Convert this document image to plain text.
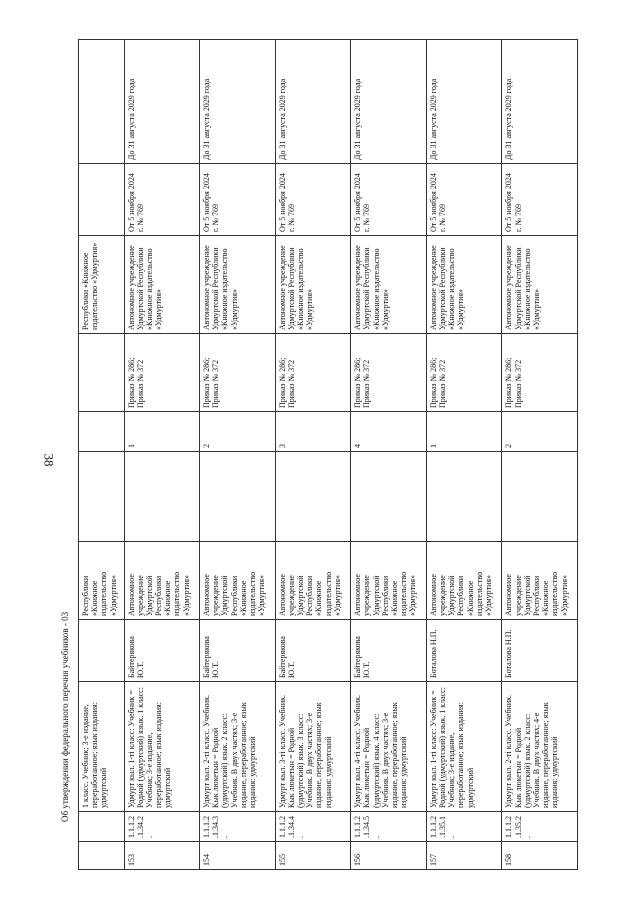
38
Об утверждении федерального перечня учебников - 03
		1 класс. Учебник; 3-е издание, переработанное; язык издания: удмуртский		Республики «Книжное издательство «Удмуртия»				Республики «Книжное издательство «Удмуртия»		
153	1.1.1.2.1.34.2.	Удмурт кыл. 1-ті класс: Учебник = Родной (удмуртский) язык. 1 класс: Учебник; 3-е издание, переработанное; язык издания: удмуртский	Байтерякова Ю.Т.	Автономное учреждение Удмуртской Республики «Книжное издательство «Удмуртия»		1	Приказ № 286; Приказ № 372	Автономное учреждение Удмуртской Республики «Книжное издательство «Удмуртия»	От 5 ноября 2024 г. № 769	До 31 августа 2029 года
154	1.1.1.2.1.34.3.	Удмурт кыл. 2-ті класс. Учебник. Кык люкетын = Родной (удмуртский) язык. 2 класс: Учебник. В двух частях; 3-е издание, переработанное; язык издания: удмуртский	Байтерякова Ю.Т.	Автономное учреждение Удмуртской Республики «Книжное издательство «Удмуртия»		2	Приказ № 286; Приказ № 372	Автономное учреждение Удмуртской Республики «Книжное издательство «Удмуртия»	От 5 ноября 2024 г. № 769	До 31 августа 2029 года
155	1.1.1.2.1.34.4.	Удмурт кыл. 3-ті класс. Учебник. Кык люкетын = Родной (удмуртский) язык. 3 класс: Учебник. В двух частях; 3-е издание, переработанное; язык издания: удмуртский	Байтерякова Ю.Т.	Автономное учреждение Удмуртской Республики «Книжное издательство «Удмуртия»		3	Приказ № 286; Приказ № 372	Автономное учреждение Удмуртской Республики «Книжное издательство «Удмуртия»	От 5 ноября 2024 г. № 769	До 31 августа 2029 года
156	1.1.1.2.1.34.5.	Удмурт кыл. 4-ті класс. Учебник. Кык люкетын = Родной (удмуртский) язык. 4 класс: Учебник. В двух частях; 3-е издание, переработанное; язык издания: удмуртский	Байтерякова Ю.Т.	Автономное учреждение Удмуртской Республики «Книжное издательство «Удмуртия»		4	Приказ № 286; Приказ № 372	Автономное учреждение Удмуртской Республики «Книжное издательство «Удмуртия»	От 5 ноября 2024 г. № 769	До 31 августа 2029 года
157	1.1.1.2.1.35.1.	Удмурт кыл. 1-ті класс: Учебник = Родной (удмуртский) язык. 1 класс: Учебник; 3-е издание, переработанное; язык издания: удмуртский	Боталова Н.П.	Автономное учреждение Удмуртской Республики «Книжное издательство «Удмуртия»		1	Приказ № 286; Приказ № 372	Автономное учреждение Удмуртской Республики «Книжное издательство «Удмуртия»	От 5 ноября 2024 г. № 769	До 31 августа 2029 года
158	1.1.1.2.1.35.2.	Удмурт кыл. 2-ті класс. Учебник. Кык люкетын = Родной (удмуртский) язык. 2 класс: Учебник. В двух частях; 4-е издание, переработанное; язык издания: удмуртский	Боталова Н.П.	Автономное учреждение Удмуртской Республики «Книжное издательство «Удмуртия»		2	Приказ № 286; Приказ № 372	Автономное учреждение Удмуртской Республики «Книжное издательство «Удмуртия»	От 5 ноября 2024 г. № 769	До 31 августа 2029 года
